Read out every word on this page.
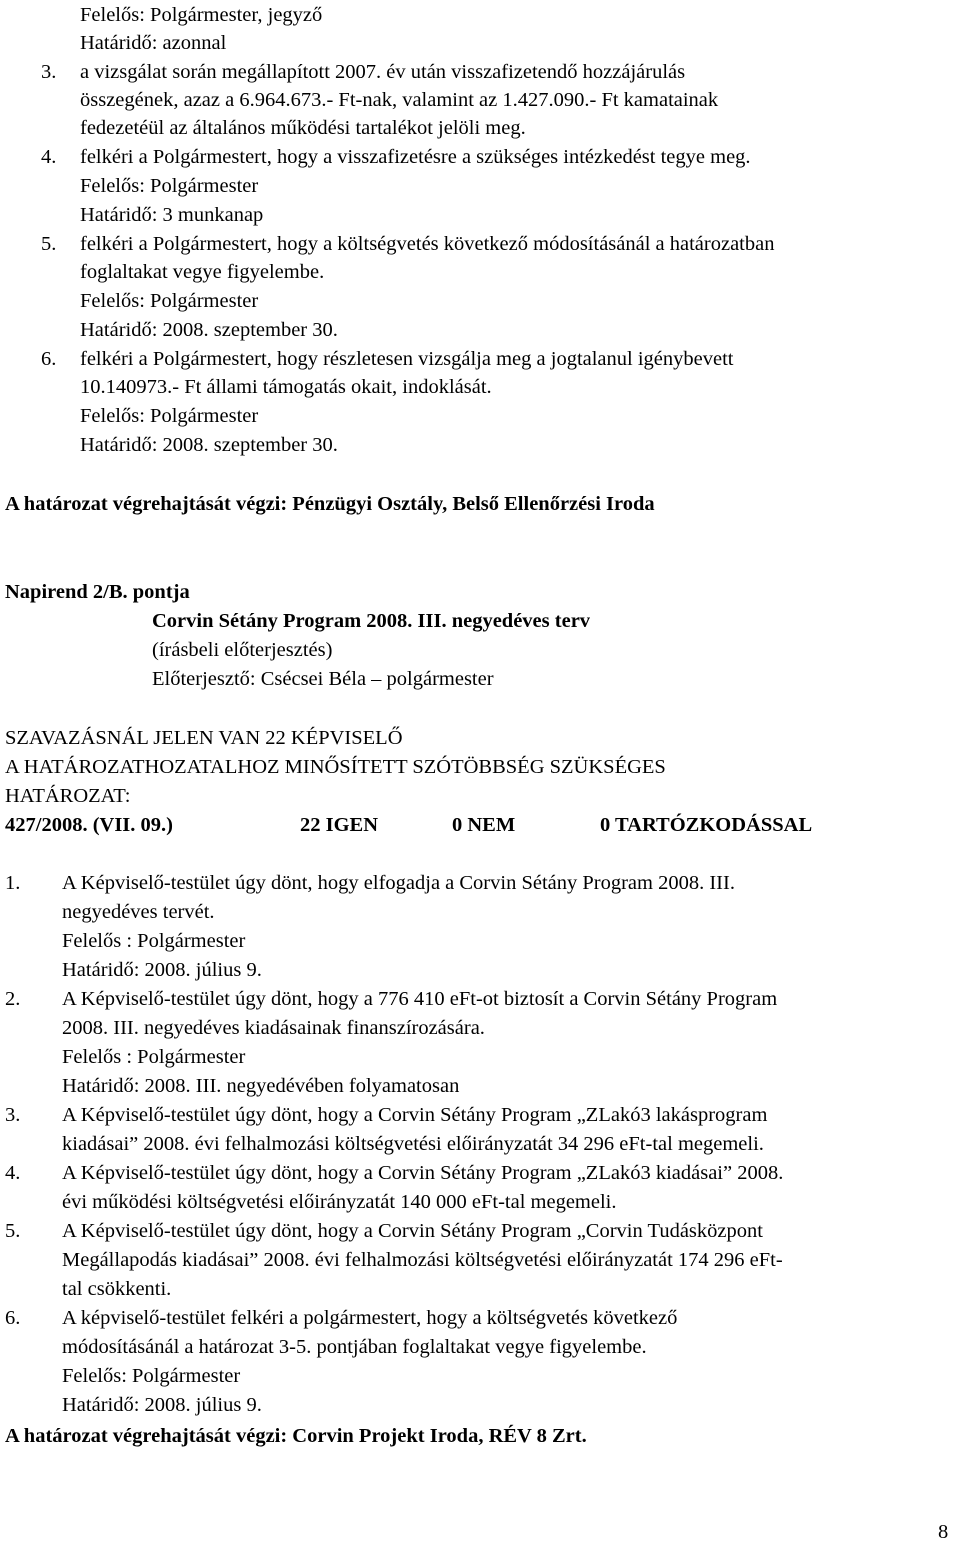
Felelős: Polgármester, jegyző
Határidő: azonnal
3. a vizsgálat során megállapított 2007. év után visszafizetendő hozzájárulás
összegének, azaz a 6.964.673.- Ft-nak, valamint az 1.427.090.- Ft kamatainak
fedezetéül az általános működési tartalékot jelöli meg.
4. felkéri a Polgármestert, hogy a visszafizetésre a szükséges intézkedést tegye meg.
Felelős: Polgármester
Határidő: 3 munkanap
5. felkéri a Polgármestert, hogy a költségvetés következő módosításánál a határozatban
foglaltakat vegye figyelembe.
Felelős: Polgármester
Határidő: 2008. szeptember 30.
6. felkéri a Polgármestert, hogy részletesen vizsgálja meg a jogtalanul igénybevett
10.140973.- Ft állami támogatás okait, indoklását.
Felelős: Polgármester
Határidő: 2008. szeptember 30.
A határozat végrehajtását végzi: Pénzügyi Osztály, Belső Ellenőrzési Iroda
Napirend 2/B. pontja
Corvin Sétány Program 2008. III. negyedéves terv
(írásbeli előterjesztés)
Előterjesztő: Csécsei Béla – polgármester
SZAVAZÁSNÁL JELEN VAN 22 KÉPVISELŐ
A HATÁROZATHOZATALHOZ MINŐSÍTETT SZÓTÖBBSÉG SZÜKSÉGES
HATÁROZAT:
427/2008. (VII. 09.)	22 IGEN	0 NEM	0 TARTÓZKODÁSSAL
1. A Képviselő-testület úgy dönt, hogy elfogadja a Corvin Sétány Program 2008. III.
negyedéves tervét.
Felelős : Polgármester
Határidő: 2008. július 9.
2. A Képviselő-testület úgy dönt, hogy a 776 410 eFt-ot biztosít a Corvin Sétány Program
2008. III. negyedéves kiadásainak finanszírozására.
Felelős : Polgármester
Határidő: 2008. III. negyedévében folyamatosan
3. A Képviselő-testület úgy dönt, hogy a Corvin Sétány Program „ZLakó3 lakásprogram
kiadásai” 2008. évi felhalmozási költségvetési előirányzatát 34 296 eFt-tal megemeli.
4. A Képviselő-testület úgy dönt, hogy a Corvin Sétány Program „ZLakó3 kiadásai” 2008.
évi működési költségvetési előirányzatát 140 000 eFt-tal megemeli.
5. A Képviselő-testület úgy dönt, hogy a Corvin Sétány Program „Corvin Tudásközpont
Megállapodás kiadásai” 2008. évi felhalmozási költségvetési előirányzatát 174 296 eFt-
tal csökkenti.
6. A képviselő-testület felkéri a polgármestert, hogy a költségvetés következő
módosításánál a határozat 3-5. pontjában foglaltakat vegye figyelembe.
Felelős: Polgármester
Határidő: 2008. július 9.
A határozat végrehajtását végzi: Corvin Projekt Iroda, RÉV 8 Zrt.
8
